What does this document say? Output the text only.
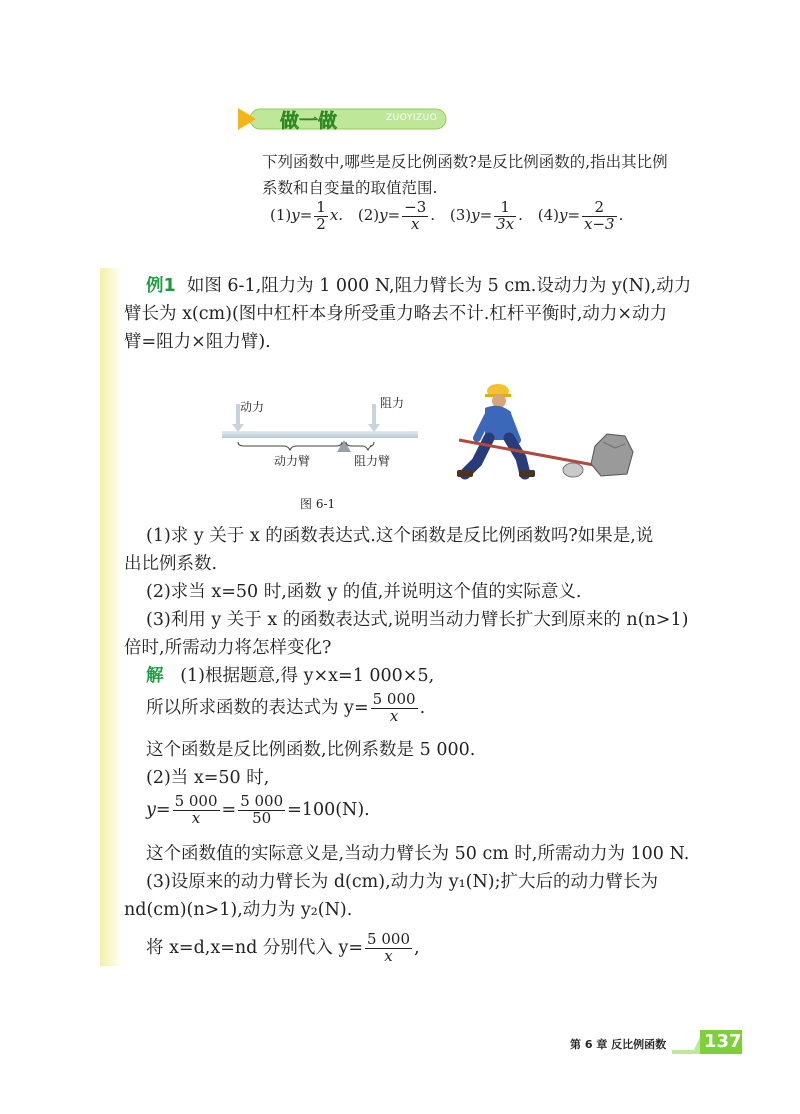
做一做	ZUOYIZUO
下列函数中,哪些是反比例函数?是反比例函数的,指出其比例
系数和自变量的取值范围.
$(1)y= \frac{1}{2} x$. $(2)y= \frac{-3}{x}$ . $(3)y= \frac{1}{3x}$ . $(4)y= \frac{2}{x-3}$ .
例1 如图 6-1,阻力为 1 000 N,阻力臂长为 5 cm.设动力为 y(N),动力
臂长为 x(cm)(图中杠杆本身所受重力略去不计.杠杆平衡时,动力×动力
臂=阻力×阻力臂).
动力	阻力
动力臂	阻力臂
图 6-1
(1)求 y 关于 x 的函数表达式.这个函数是反比例函数吗?如果是,说
出比例系数.
(2)求当 x=50 时,函数 y 的值,并说明这个值的实际意义.
(3)利用 y 关于 x 的函数表达式,说明当动力臂长扩大到原来的 n(n>1)
倍时,所需动力将怎样变化?
解 (1)根据题意,得 y×x=1 000×5,
所以所求函数的表达式为 $y= \frac{5 000}{x}$ .
这个函数是反比例函数,比例系数是 5 000.
(2)当 x=50 时,
$y= \frac{5 000}{x} = \frac{5 000}{50} =100(N)$.
这个函数值的实际意义是,当动力臂长为 50 cm 时,所需动力为 100 N.
(3)设原来的动力臂长为 d(cm),动力为 y₁(N);扩大后的动力臂长为
nd(cm)(n>1),动力为 y₂(N).
将 x=d,x=nd 分别代入 $y= \frac{5 000}{x}$ ,
第 6 章 反比例函数 137
